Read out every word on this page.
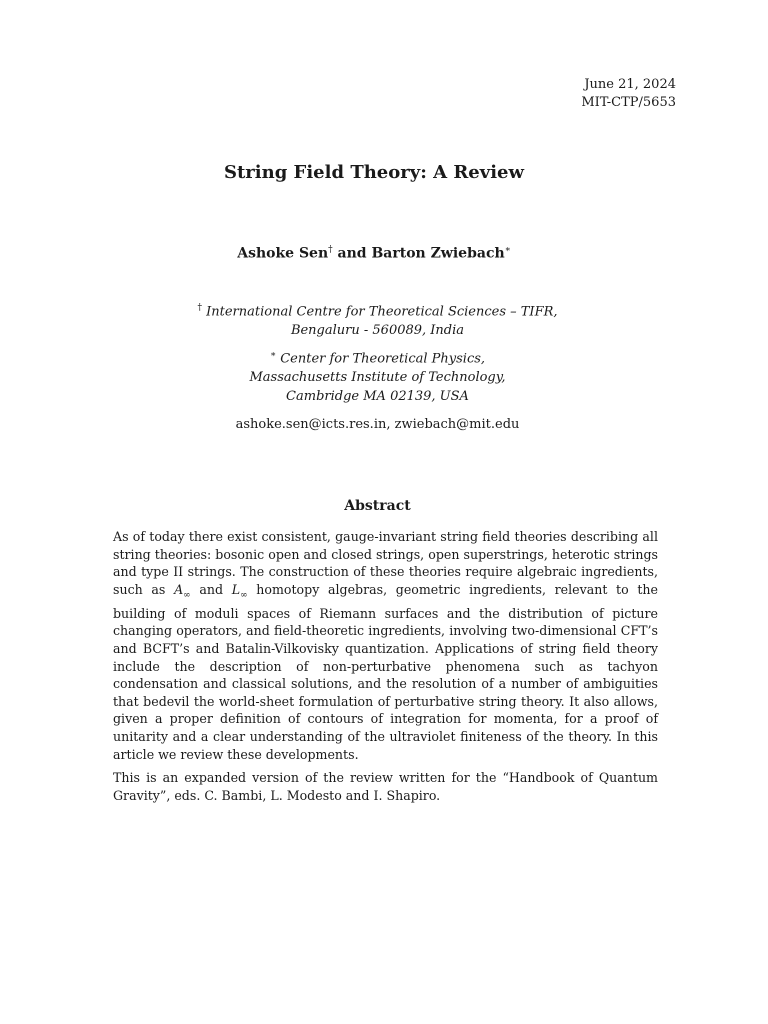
June 21, 2024
MIT-CTP/5653
String Field Theory: A Review
Ashoke Sen† and Barton Zwiebach∗
† International Centre for Theoretical Sciences – TIFR,
Bengaluru - 560089, India
∗ Center for Theoretical Physics,
Massachusetts Institute of Technology,
Cambridge MA 02139, USA
ashoke.sen@icts.res.in, zwiebach@mit.edu
Abstract

As of today there exist consistent, gauge-invariant string field theories describing all string theories: bosonic open and closed strings, open superstrings, heterotic strings and type II strings. The construction of these theories require algebraic ingredients, such as $A_\infty$ and $L_\infty$ homotopy algebras, geometric ingredients, relevant to the building of moduli spaces of Riemann surfaces and the distribution of picture changing operators, and field-theoretic ingredients, involving two-dimensional CFT’s and BCFT’s and Batalin-Vilkovisky quantization. Applications of string field theory include the description of non-perturbative phenomena such as tachyon condensation and classical solutions, and the resolution of a number of ambiguities that bedevil the world-sheet formulation of perturbative string theory. It also allows, given a proper definition of contours of integration for momenta, for a proof of unitarity and a clear understanding of the ultraviolet finiteness of the theory. In this article we review these developments.

This is an expanded version of the review written for the “Handbook of Quantum Gravity”, eds. C. Bambi, L. Modesto and I. Shapiro.
